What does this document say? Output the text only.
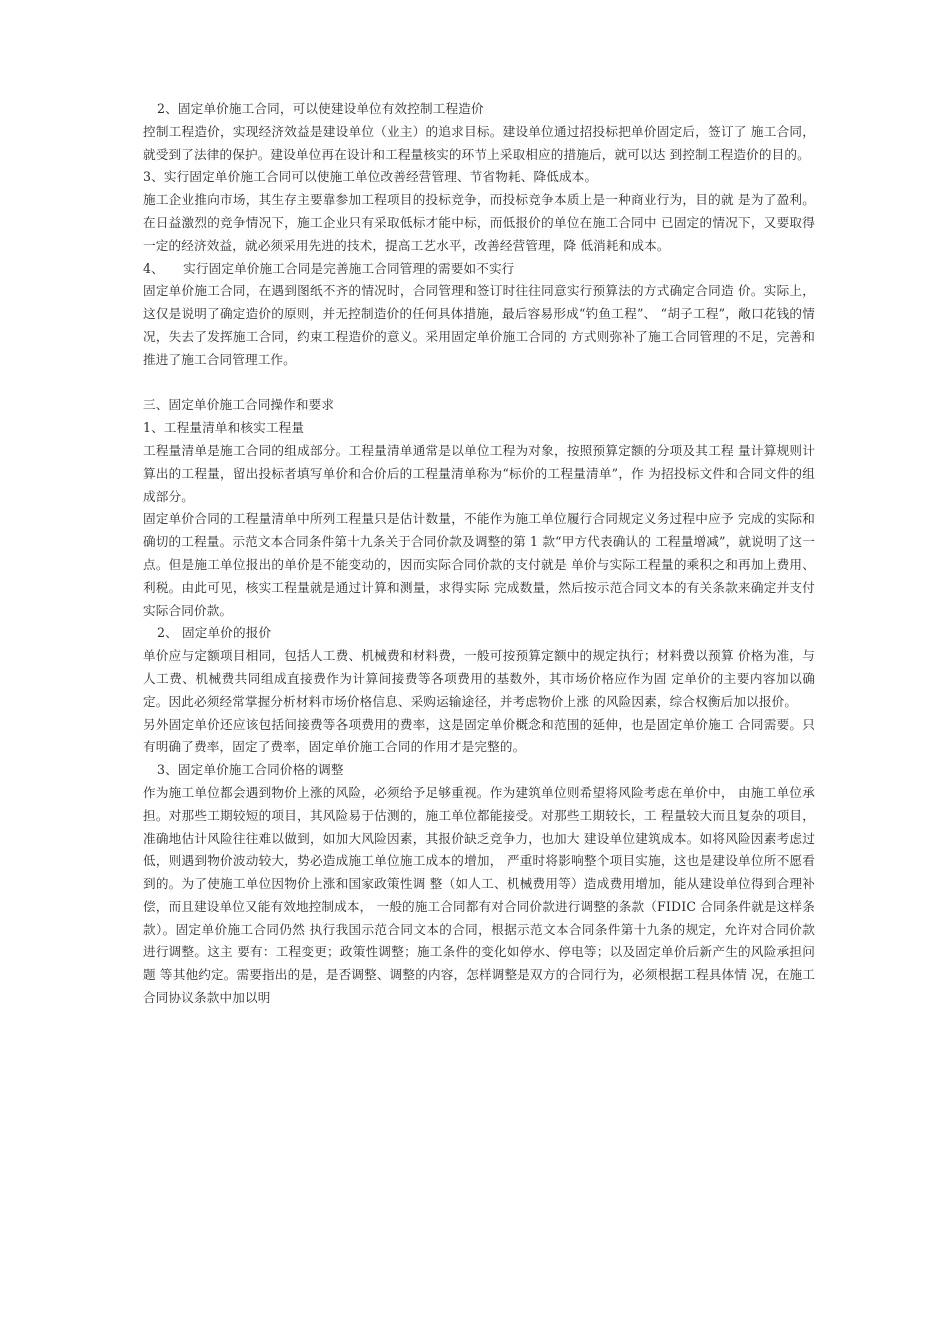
2、固定单价施工合同，可以使建设单位有效控制工程造价

控制工程造价，实现经济效益是建设单位（业主）的追求目标。建设单位通过招投标把单价固定后，签订了 施工合同，就受到了法律的保护。建设单位再在设计和工程量核实的环节上采取相应的措施后，就可以达 到控制工程造价的目的。

3、实行固定单价施工合同可以使施工单位改善经营管理、节省物耗、降低成本。

施工企业推向市场，其生存主要靠参加工程项目的投标竞争，而投标竞争本质上是一种商业行为，目的就 是为了盈利。在日益激烈的竞争情况下，施工企业只有采取低标才能中标，而低报价的单位在施工合同中 已固定的情况下，又要取得一定的经济效益，就必须采用先进的技术，提高工艺水平，改善经营管理，降 低消耗和成本。

4、　　实行固定单价施工合同是完善施工合同管理的需要如不实行

固定单价施工合同，在遇到图纸不齐的情况时，合同管理和签订时往往同意实行预算法的方式确定合同造 价。实际上，这仅是说明了确定造价的原则，并无控制造价的任何具体措施，最后容易形成“钓鱼工程”、 “胡子工程”，敞口花钱的情况，失去了发挥施工合同，约束工程造价的意义。采用固定单价施工合同的 方式则弥补了施工合同管理的不足，完善和推进了施工合同管理工作。

三、固定单价施工合同操作和要求

1、工程量清单和核实工程量

工程量清单是施工合同的组成部分。工程量清单通常是以单位工程为对象，按照预算定额的分项及其工程 量计算规则计算出的工程量，留出投标者填写单价和合价后的工程量清单称为“标价的工程量清单”，作 为招投标文件和合同文件的组成部分。

固定单价合同的工程量清单中所列工程量只是估计数量，不能作为施工单位履行合同规定义务过程中应予 完成的实际和确切的工程量。示范文本合同条件第十九条关于合同价款及调整的第 1 款“甲方代表确认的 工程量增减”，就说明了这一点。但是施工单位报出的单价是不能变动的，因而实际合同价款的支付就是 单价与实际工程量的乘积之和再加上费用、利税。由此可见，核实工程量就是通过计算和测量，求得实际 完成数量，然后按示范合同文本的有关条款来确定并支付实际合同价款。

2、 固定单价的报价

单价应与定额项目相同，包括人工费、机械费和材料费，一般可按预算定额中的规定执行；材料费以预算 价格为准，与人工费、机械费共同组成直接费作为计算间接费等各项费用的基数外，其市场价格应作为固 定单价的主要内容加以确定。因此必须经常掌握分析材料市场价格信息、采购运输途径，并考虑物价上涨 的风险因素，综合权衡后加以报价。

另外固定单价还应该包括间接费等各项费用的费率，这是固定单价概念和范围的延伸，也是固定单价施工 合同需要。只有明确了费率，固定了费率，固定单价施工合同的作用才是完整的。

3、固定单价施工合同价格的调整

作为施工单位都会遇到物价上涨的风险，必须给予足够重视。作为建筑单位则希望将风险考虑在单价中， 由施工单位承担。对那些工期较短的项目，其风险易于估测的，施工单位都能接受。对那些工期较长，工 程量较大而且复杂的项目，准确地估计风险往往难以做到，如加大风险因素，其报价缺乏竞争力，也加大 建设单位建筑成本。如将风险因素考虑过低，则遇到物价波动较大，势必造成施工单位施工成本的增加， 严重时将影响整个项目实施，这也是建设单位所不愿看到的。为了使施工单位因物价上涨和国家政策性调 整（如人工、机械费用等）造成费用增加，能从建设单位得到合理补偿，而且建设单位又能有效地控制成本， 一般的施工合同都有对合同价款进行调整的条款（FIDIC 合同条件就是这样条款）。固定单价施工合同仍然 执行我国示范合同文本的合同，根据示范文本合同条件第十九条的规定，允许对合同价款进行调整。这主 要有：工程变更；政策性调整；施工条件的变化如停水、停电等；以及固定单价后新产生的风险承担问题 等其他约定。需要指出的是，是否调整、调整的内容，怎样调整是双方的合同行为，必须根据工程具体情 况，在施工合同协议条款中加以明
